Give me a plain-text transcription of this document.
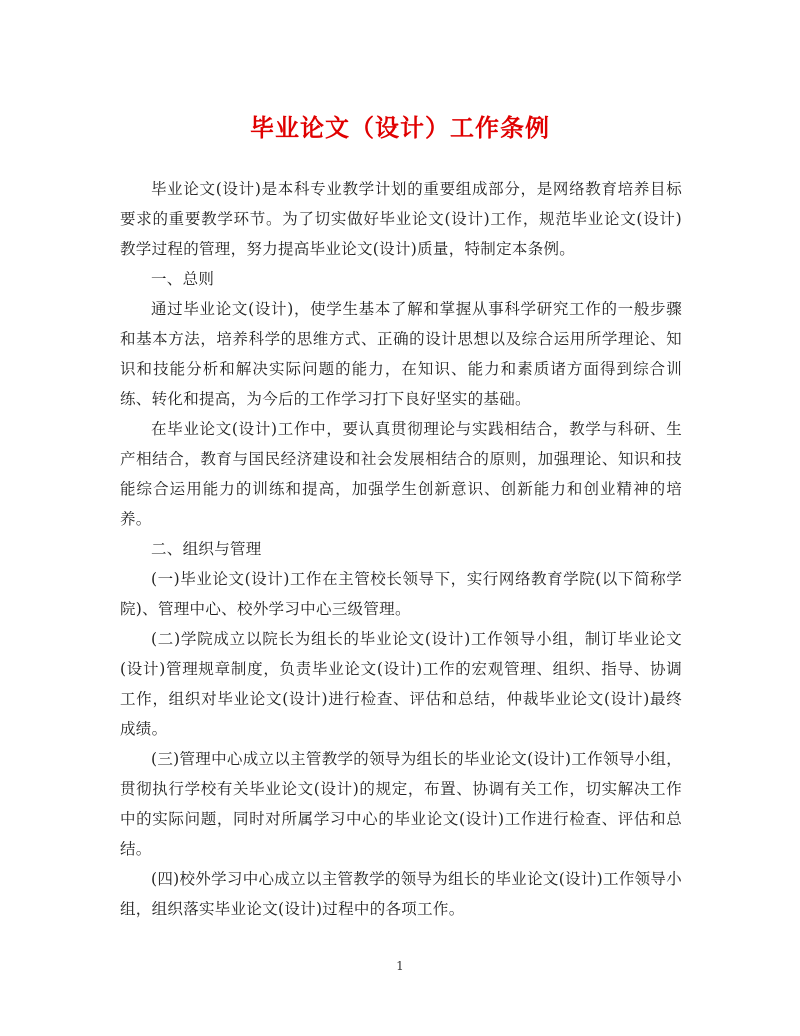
毕业论文（设计）工作条例

毕业论文(设计)是本科专业教学计划的重要组成部分，是网络教育培养目标要求的重要教学环节。为了切实做好毕业论文(设计)工作，规范毕业论文(设计)教学过程的管理，努力提高毕业论文(设计)质量，特制定本条例。

一、总则

通过毕业论文(设计)，使学生基本了解和掌握从事科学研究工作的一般步骤和基本方法，培养科学的思维方式、正确的设计思想以及综合运用所学理论、知识和技能分析和解决实际问题的能力，在知识、能力和素质诸方面得到综合训练、转化和提高，为今后的工作学习打下良好坚实的基础。

在毕业论文(设计)工作中，要认真贯彻理论与实践相结合，教学与科研、生产相结合，教育与国民经济建设和社会发展相结合的原则，加强理论、知识和技能综合运用能力的训练和提高，加强学生创新意识、创新能力和创业精神的培养。

二、组织与管理

(一)毕业论文(设计)工作在主管校长领导下，实行网络教育学院(以下简称学院)、管理中心、校外学习中心三级管理。

(二)学院成立以院长为组长的毕业论文(设计)工作领导小组，制订毕业论文(设计)管理规章制度，负责毕业论文(设计)工作的宏观管理、组织、指导、协调工作，组织对毕业论文(设计)进行检查、评估和总结，仲裁毕业论文(设计)最终成绩。

(三)管理中心成立以主管教学的领导为组长的毕业论文(设计)工作领导小组，贯彻执行学校有关毕业论文(设计)的规定，布置、协调有关工作，切实解决工作中的实际问题，同时对所属学习中心的毕业论文(设计)工作进行检查、评估和总结。

(四)校外学习中心成立以主管教学的领导为组长的毕业论文(设计)工作领导小组，组织落实毕业论文(设计)过程中的各项工作。

1
